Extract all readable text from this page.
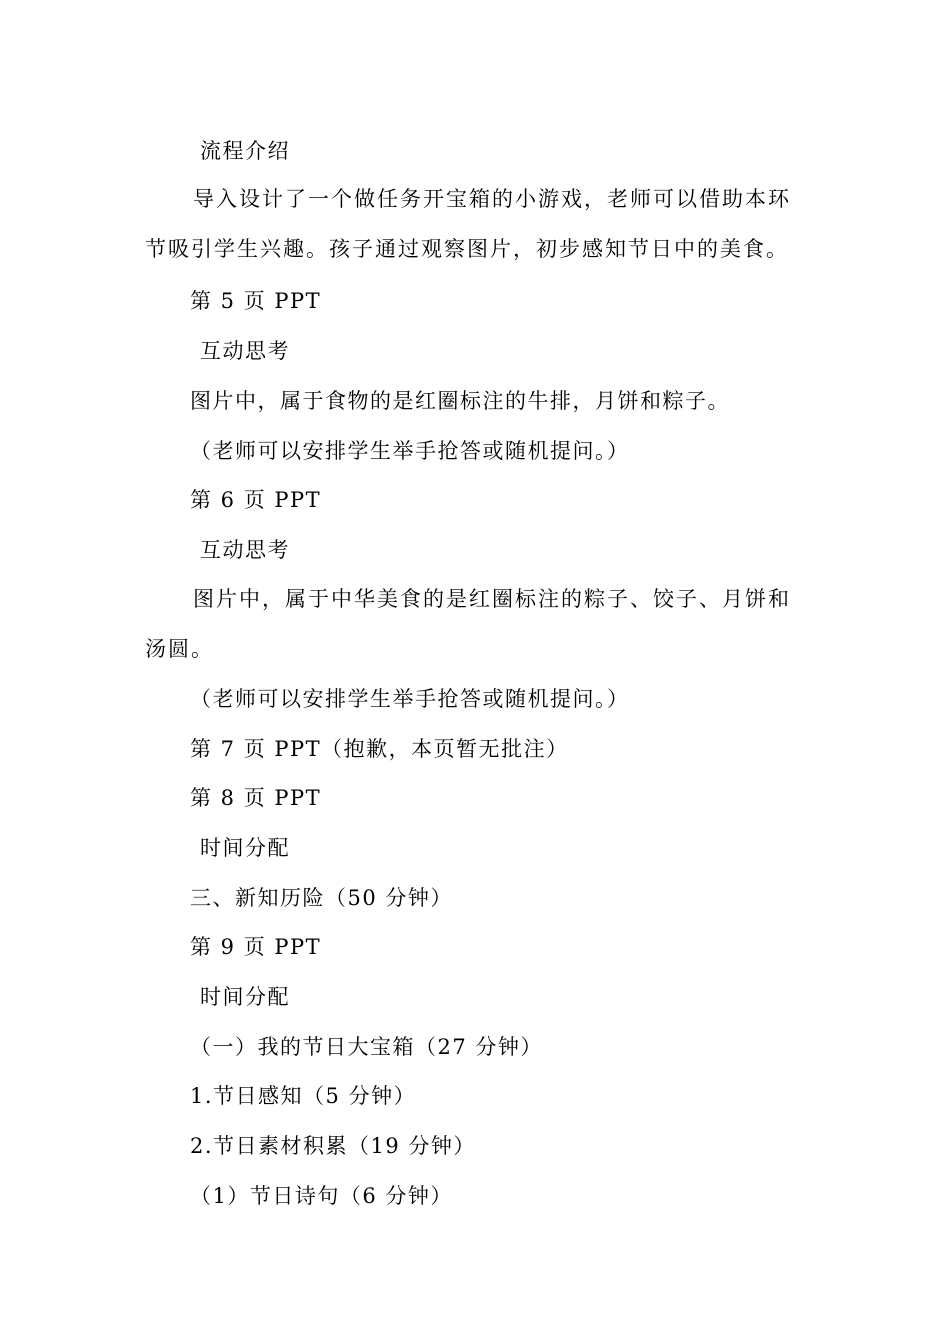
流程介绍
导入设计了一个做任务开宝箱的小游戏，老师可以借助本环节吸引学生兴趣。孩子通过观察图片，初步感知节日中的美食。
第 5 页 PPT
互动思考
图片中，属于食物的是红圈标注的牛排，月饼和粽子。
（老师可以安排学生举手抢答或随机提问。）
第 6 页 PPT
互动思考
图片中，属于中华美食的是红圈标注的粽子、饺子、月饼和汤圆。
（老师可以安排学生举手抢答或随机提问。）
第 7 页 PPT（抱歉，本页暂无批注）
第 8 页 PPT
时间分配
三、新知历险（50 分钟）
第 9 页 PPT
时间分配
（一）我的节日大宝箱（27 分钟）
1.节日感知（5 分钟）
2.节日素材积累（19 分钟）
（1）节日诗句（6 分钟）
